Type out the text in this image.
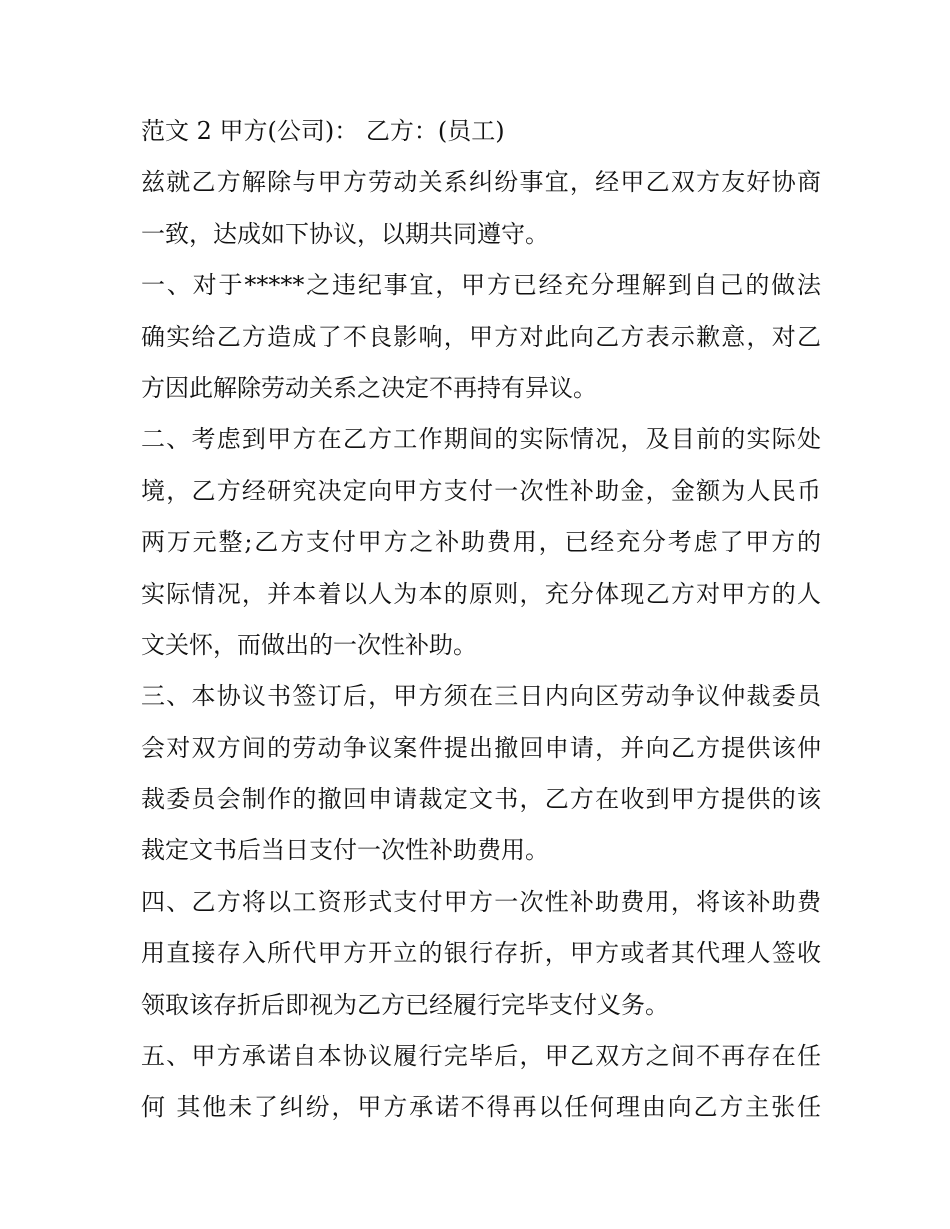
范文 2 甲方(公司)： 乙方：(员工)
兹就乙方解除与甲方劳动关系纠纷事宜，经甲乙双方友好协商
一致，达成如下协议，以期共同遵守。
一、对于*****之违纪事宜，甲方已经充分理解到自己的做法
确实给乙方造成了不良影响，甲方对此向乙方表示歉意，对乙
方因此解除劳动关系之决定不再持有异议。
二、考虑到甲方在乙方工作期间的实际情况，及目前的实际处
境，乙方经研究决定向甲方支付一次性补助金，金额为人民币
两万元整;乙方支付甲方之补助费用，已经充分考虑了甲方的
实际情况，并本着以人为本的原则，充分体现乙方对甲方的人
文关怀，而做出的一次性补助。
三、本协议书签订后，甲方须在三日内向区劳动争议仲裁委员
会对双方间的劳动争议案件提出撤回申请，并向乙方提供该仲
裁委员会制作的撤回申请裁定文书，乙方在收到甲方提供的该
裁定文书后当日支付一次性补助费用。
四、乙方将以工资形式支付甲方一次性补助费用，将该补助费
用直接存入所代甲方开立的银行存折，甲方或者其代理人签收
领取该存折后即视为乙方已经履行完毕支付义务。
五、甲方承诺自本协议履行完毕后，甲乙双方之间不再存在任
何 其他未了纠纷，甲方承诺不得再以任何理由向乙方主张任
